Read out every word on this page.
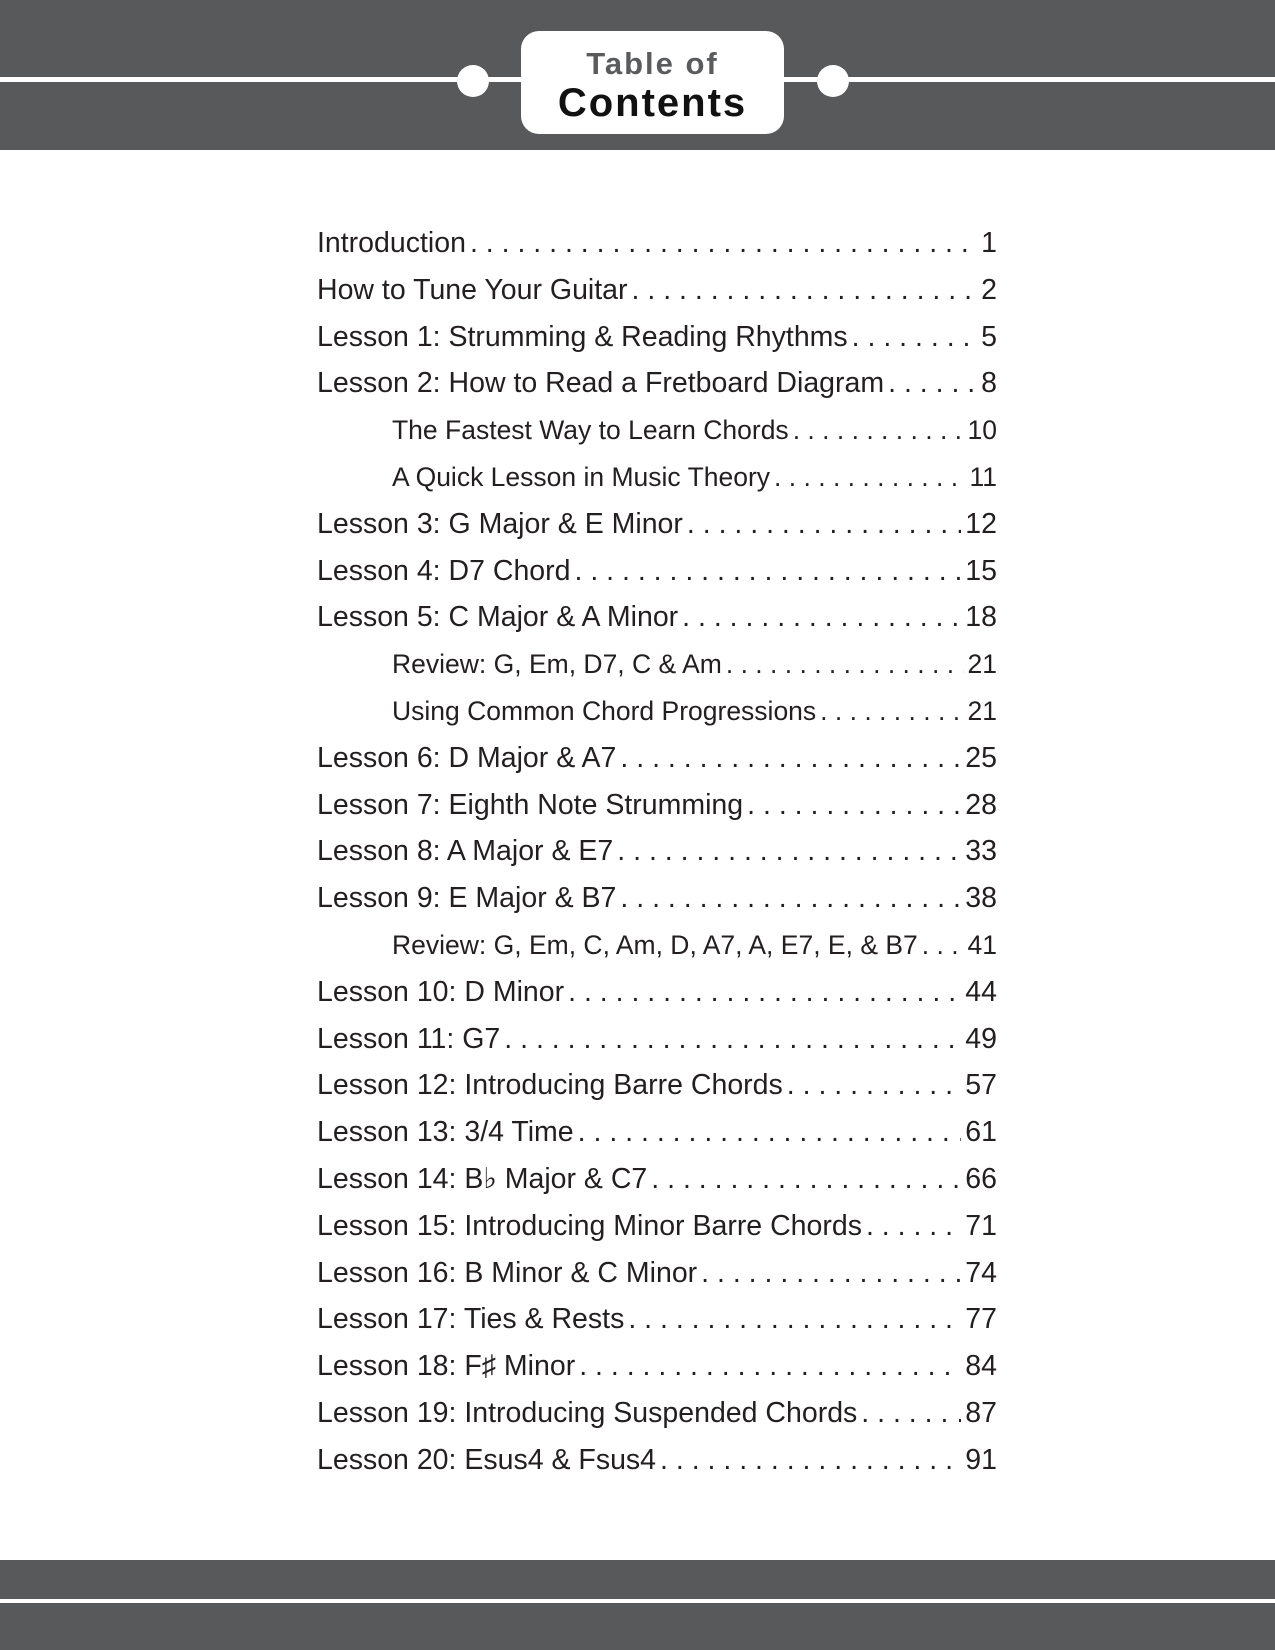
Table of
Contents
Introduction . . .	1
How to Tune Your Guitar . . .	2
Lesson 1: Strumming & Reading Rhythms . . .	5
Lesson 2: How to Read a Fretboard Diagram . . .	8
The Fastest Way to Learn Chords . . .	10
A Quick Lesson in Music Theory . . .	11
Lesson 3: G Major & E Minor . . .	12
Lesson 4: D7 Chord . . .	15
Lesson 5: C Major & A Minor . . .	18
Review: G, Em, D7, C & Am . . .	21
Using Common Chord Progressions . . .	21
Lesson 6: D Major & A7 . . .	25
Lesson 7: Eighth Note Strumming . . .	28
Lesson 8: A Major & E7 . . .	33
Lesson 9: E Major & B7 . . .	38
Review: G, Em, C, Am, D, A7, A, E7, E, & B7 . . . 41
Lesson 10: D Minor . . .	44
Lesson 11: G7 . . .	49
Lesson 12: Introducing Barre Chords . . .	57
Lesson 13: 3/4 Time . . .	61
Lesson 14: B♭ Major & C7 . . .	66
Lesson 15: Introducing Minor Barre Chords . . .	71
Lesson 16: B Minor & C Minor . . .	74
Lesson 17: Ties & Rests . . .	77
Lesson 18: F♯ Minor . . .	84
Lesson 19: Introducing Suspended Chords . . .	87
Lesson 20: Esus4 & Fsus4 . . .	91
